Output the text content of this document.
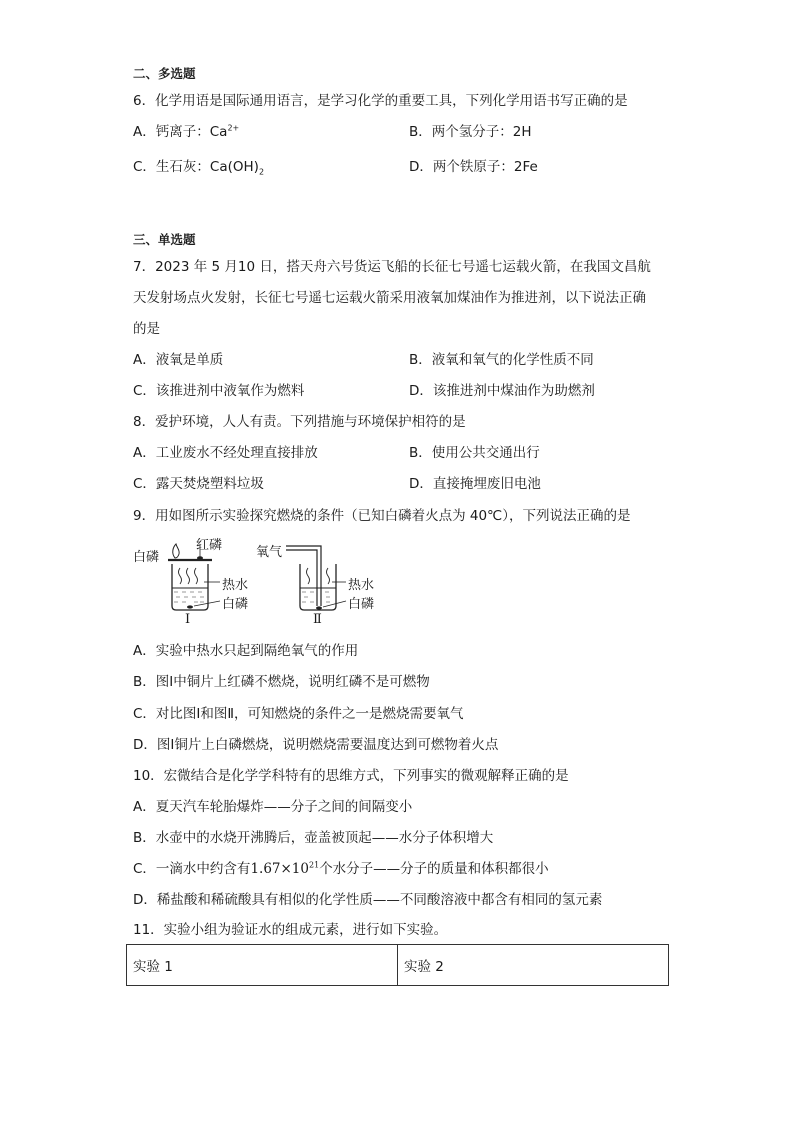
二、多选题
6．化学用语是国际通用语言，是学习化学的重要工具，下列化学用语书写正确的是
A．钙离子：$Ca^{2+}$	B．两个氢分子：2H
C．生石灰：$Ca(OH)_2$	D．两个铁原子：2Fe
三、单选题
7．2023 年 5 月10 日，搭天舟六号货运飞船的长征七号遥七运载火箭，在我国文昌航
天发射场点火发射，长征七号遥七运载火箭采用液氧加煤油作为推进剂，以下说法正确
的是
A．液氧是单质	B．液氧和氧气的化学性质不同
C．该推进剂中液氧作为燃料	D．该推进剂中煤油作为助燃剂
8．爱护环境，人人有责。下列措施与环境保护相符的是
A．工业废水不经处理直接排放	B．使用公共交通出行
C．露天焚烧塑料垃圾	D．直接掩埋废旧电池
9．用如图所示实验探究燃烧的条件（已知白磷着火点为 40℃），下列说法正确的是
白磷
红磷
热水
白磷
Ⅰ
氧气
热水
白磷
Ⅱ
A．实验中热水只起到隔绝氧气的作用
B．图Ⅰ中铜片上红磷不燃烧，说明红磷不是可燃物
C．对比图Ⅰ和图Ⅱ，可知燃烧的条件之一是燃烧需要氧气
D．图Ⅰ铜片上白磷燃烧，说明燃烧需要温度达到可燃物着火点
10．宏微结合是化学学科特有的思维方式，下列事实的微观解释正确的是
A．夏天汽车轮胎爆炸——分子之间的间隔变小
B．水壶中的水烧开沸腾后，壶盖被顶起——水分子体积增大
C．一滴水中约含有$1.67\times 10^{21}$个水分子——分子的质量和体积都很小
D．稀盐酸和稀硫酸具有相似的化学性质——不同酸溶液中都含有相同的氢元素
11．实验小组为验证水的组成元素，进行如下实验。
实验 1	实验 2
